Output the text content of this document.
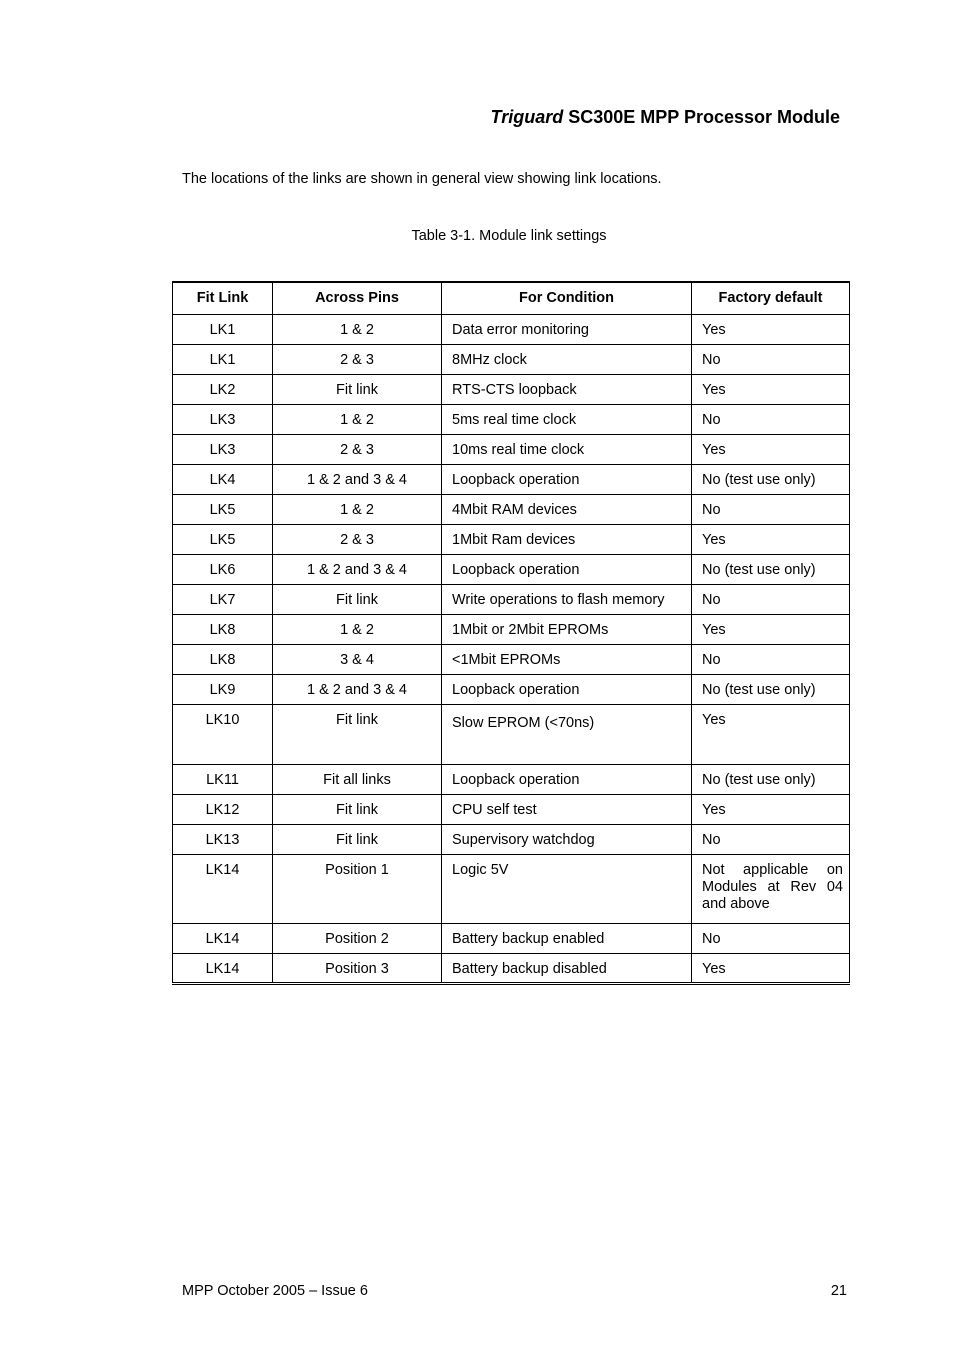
Triguard SC300E MPP Processor Module
The locations of the links are shown in general view showing link locations.
Table 3-1. Module link settings
Fit Link	Across Pins	For Condition	Factory default
LK1	1 & 2	Data error monitoring	Yes
LK1	2 & 3	8MHz clock	No
LK2	Fit link	RTS-CTS loopback	Yes
LK3	1 & 2	5ms real time clock	No
LK3	2 & 3	10ms real time clock	Yes
LK4	1 & 2 and 3 & 4	Loopback operation	No (test use only)
LK5	1 & 2	4Mbit RAM devices	No
LK5	2 & 3	1Mbit Ram devices	Yes
LK6	1 & 2 and 3 & 4	Loopback operation	No (test use only)
LK7	Fit link	Write operations to flash memory	No
LK8	1 & 2	1Mbit or 2Mbit EPROMs	Yes
LK8	3 & 4	<1Mbit EPROMs	No
LK9	1 & 2 and 3 & 4	Loopback operation	No (test use only)
LK10	Fit link	Slow EPROM (<70ns)	Yes
LK11	Fit all links	Loopback operation	No (test use only)
LK12	Fit link	CPU self test	Yes
LK13	Fit link	Supervisory watchdog	No
LK14	Position 1	Logic 5V	Not applicable on Modules at Rev 04 and above
LK14	Position 2	Battery backup enabled	No
LK14	Position 3	Battery backup disabled	Yes
MPP October 2005 – Issue 6	21
